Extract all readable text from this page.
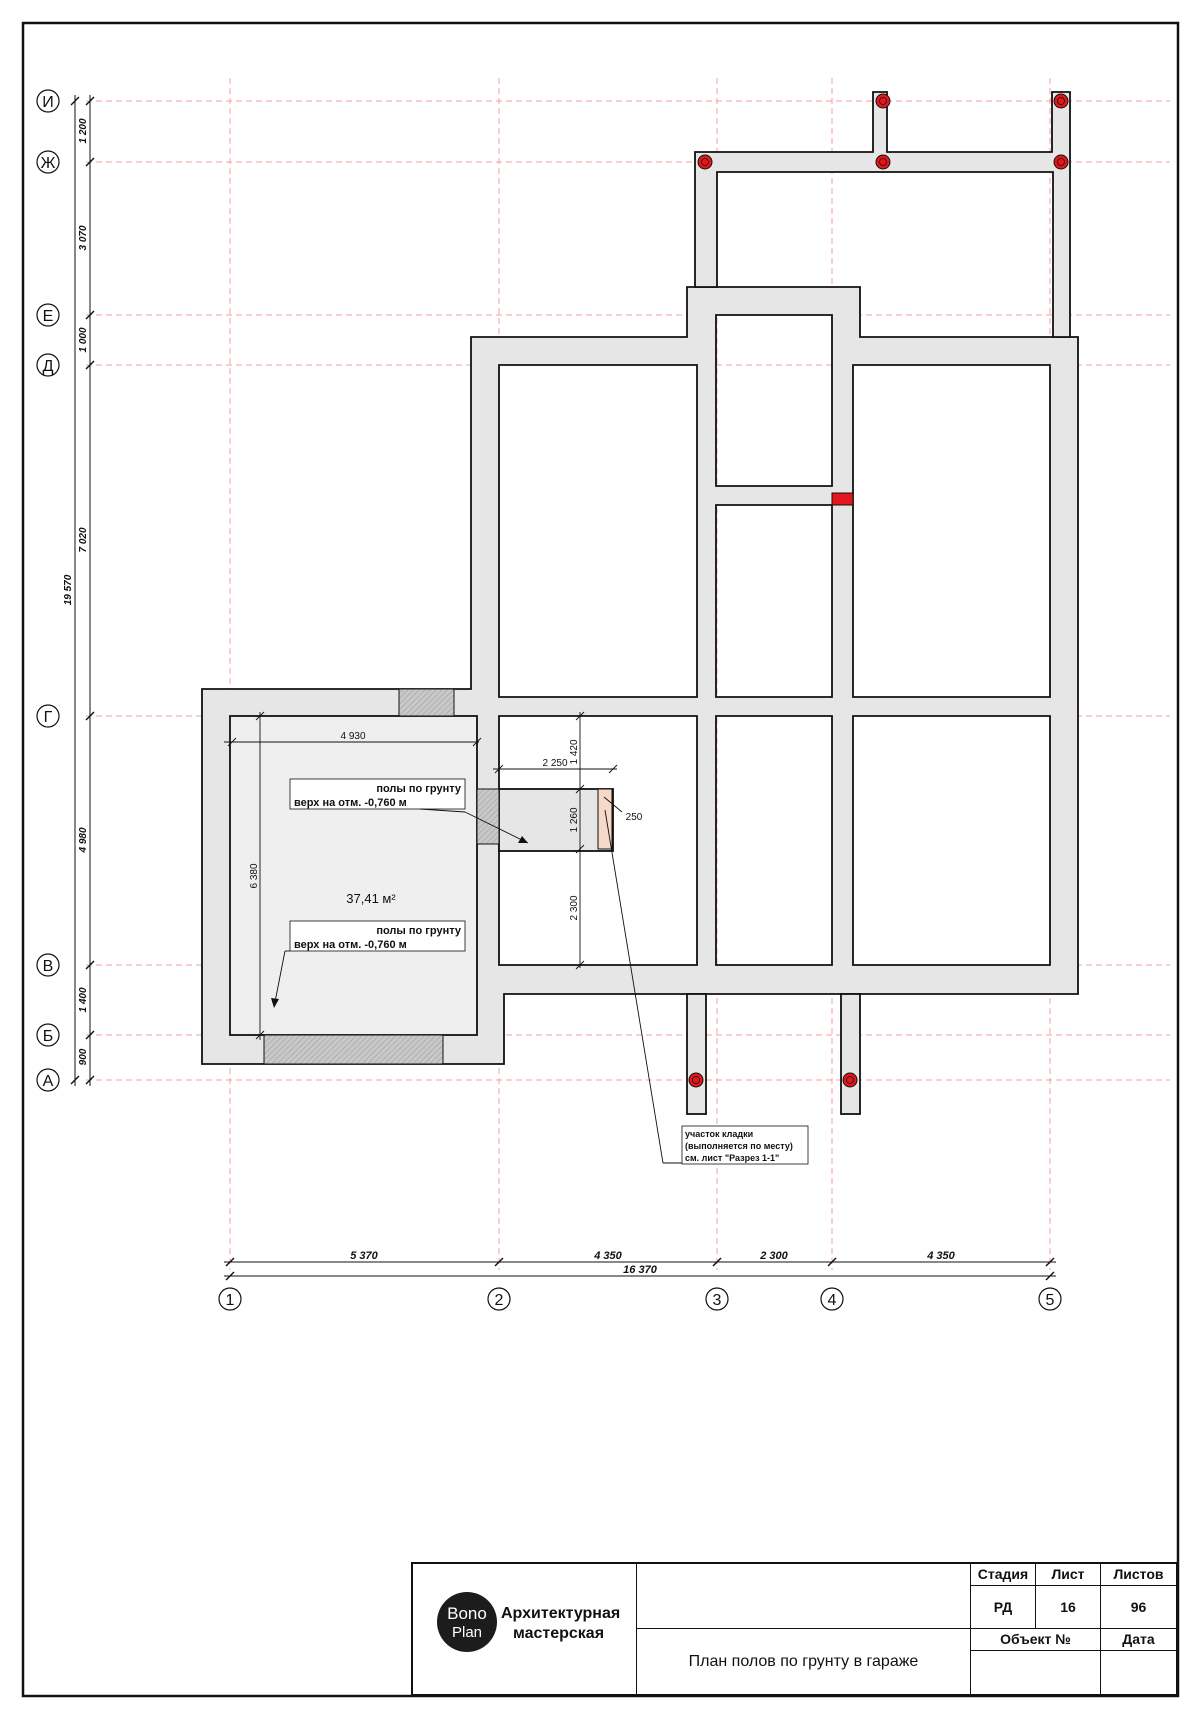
1 200
3 070
1 000
7 020
4 980
1 400
900
19 570
И
Ж
Е
Д
Г
В
Б
А
5 370	4 350	2 300	4 350
16 370
1	2	3	4	5
4 930
6 380
2 250 1 420
1 260
2 300
250
полы по грунту
верх на отм. -0,760 м
полы по грунту
верх на отм. -0,760 м
37,41 м²
участок кладки
(выполняется по месту)
см. лист "Разрез 1-1"
Bono
Plan
Архитектурная
мастерская
План полов по грунту в гараже
Стадия	Лист	Листов
РД	16	96
Объект №	Дата
